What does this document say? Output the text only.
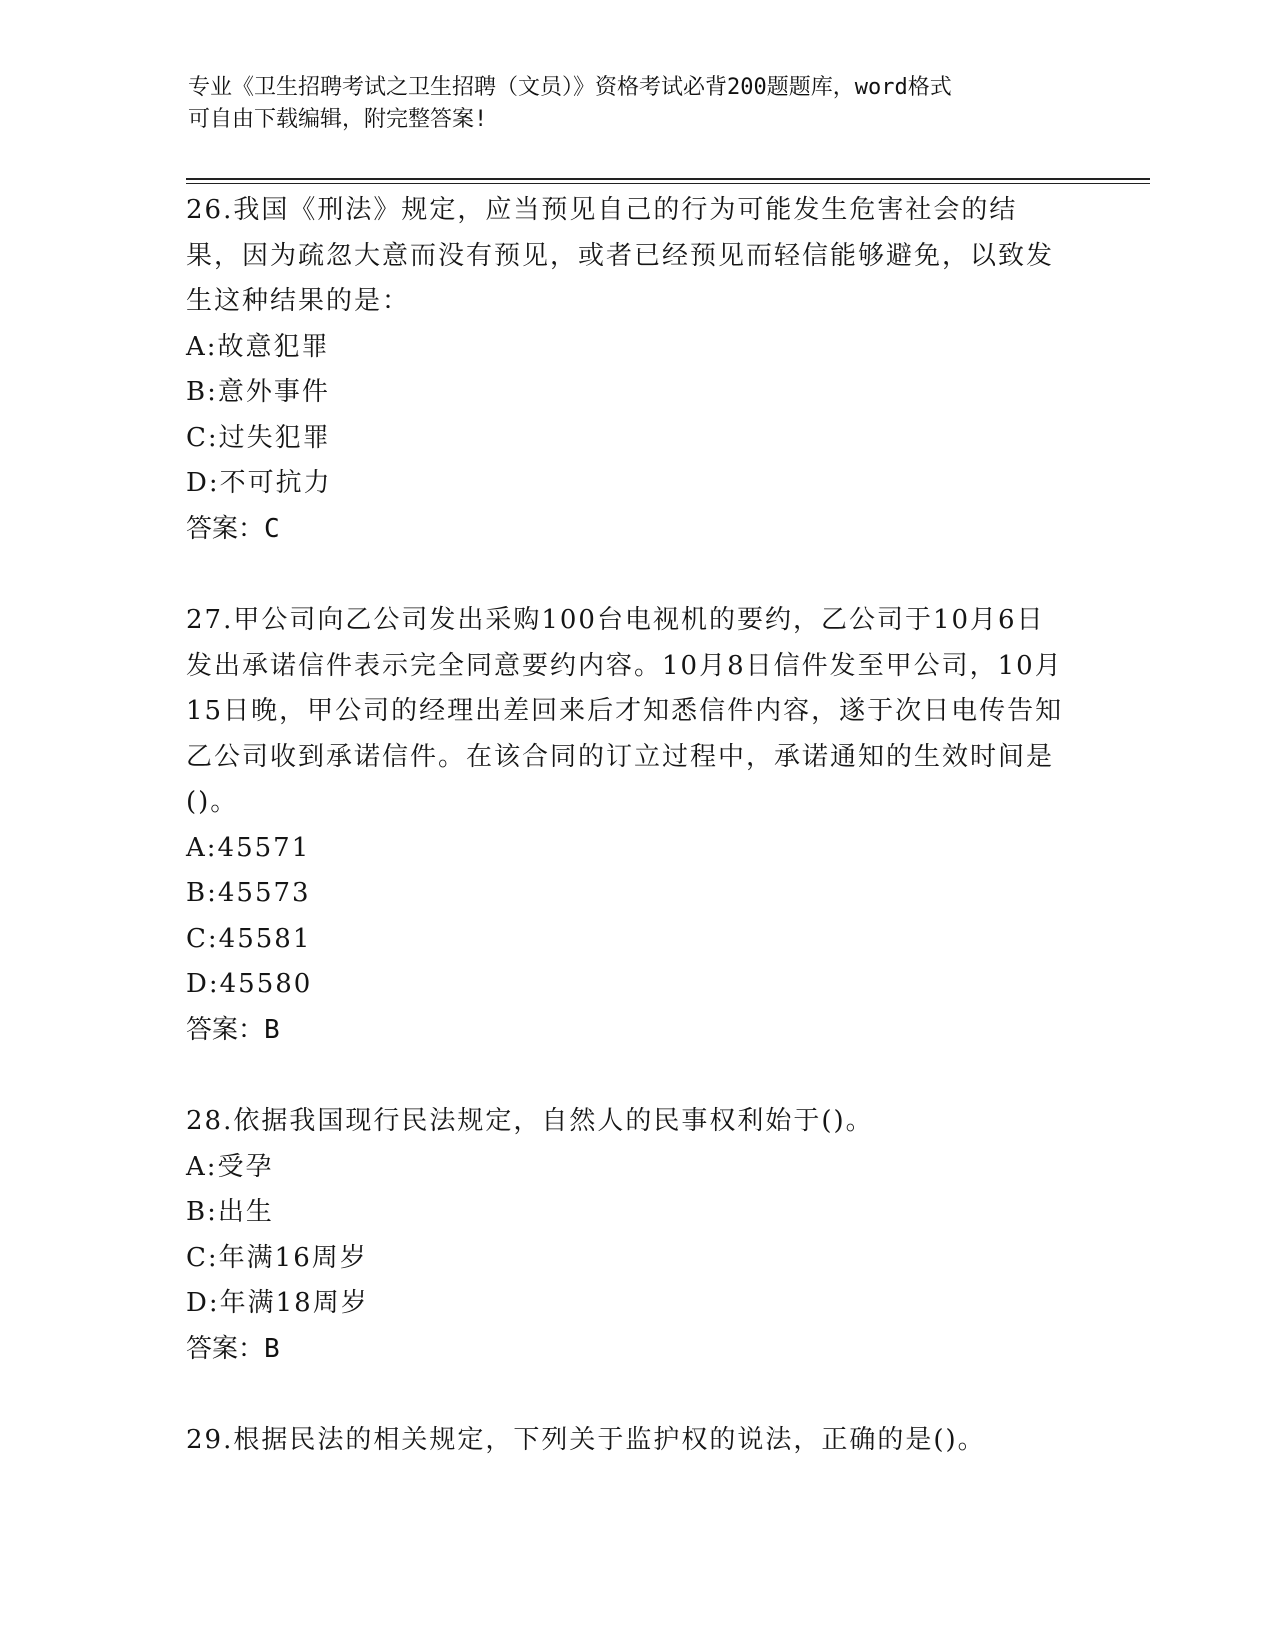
专业《卫生招聘考试之卫生招聘（文员）》资格考试必背200题题库，word格式
可自由下载编辑，附完整答案!
26.我国《刑法》规定，应当预见自己的行为可能发生危害社会的结果，因为疏忽大意而没有预见，或者已经预见而轻信能够避免，以致发生这种结果的是：
A:故意犯罪
B:意外事件
C:过失犯罪
D:不可抗力
答案：C
27.甲公司向乙公司发出采购100台电视机的要约，乙公司于10月6日发出承诺信件表示完全同意要约内容。10月8日信件发至甲公司，10月15日晚，甲公司的经理出差回来后才知悉信件内容，遂于次日电传告知乙公司收到承诺信件。在该合同的订立过程中，承诺通知的生效时间是()。
A:45571
B:45573
C:45581
D:45580
答案：B
28.依据我国现行民法规定，自然人的民事权利始于()。
A:受孕
B:出生
C:年满16周岁
D:年满18周岁
答案：B
29.根据民法的相关规定，下列关于监护权的说法，正确的是()。
